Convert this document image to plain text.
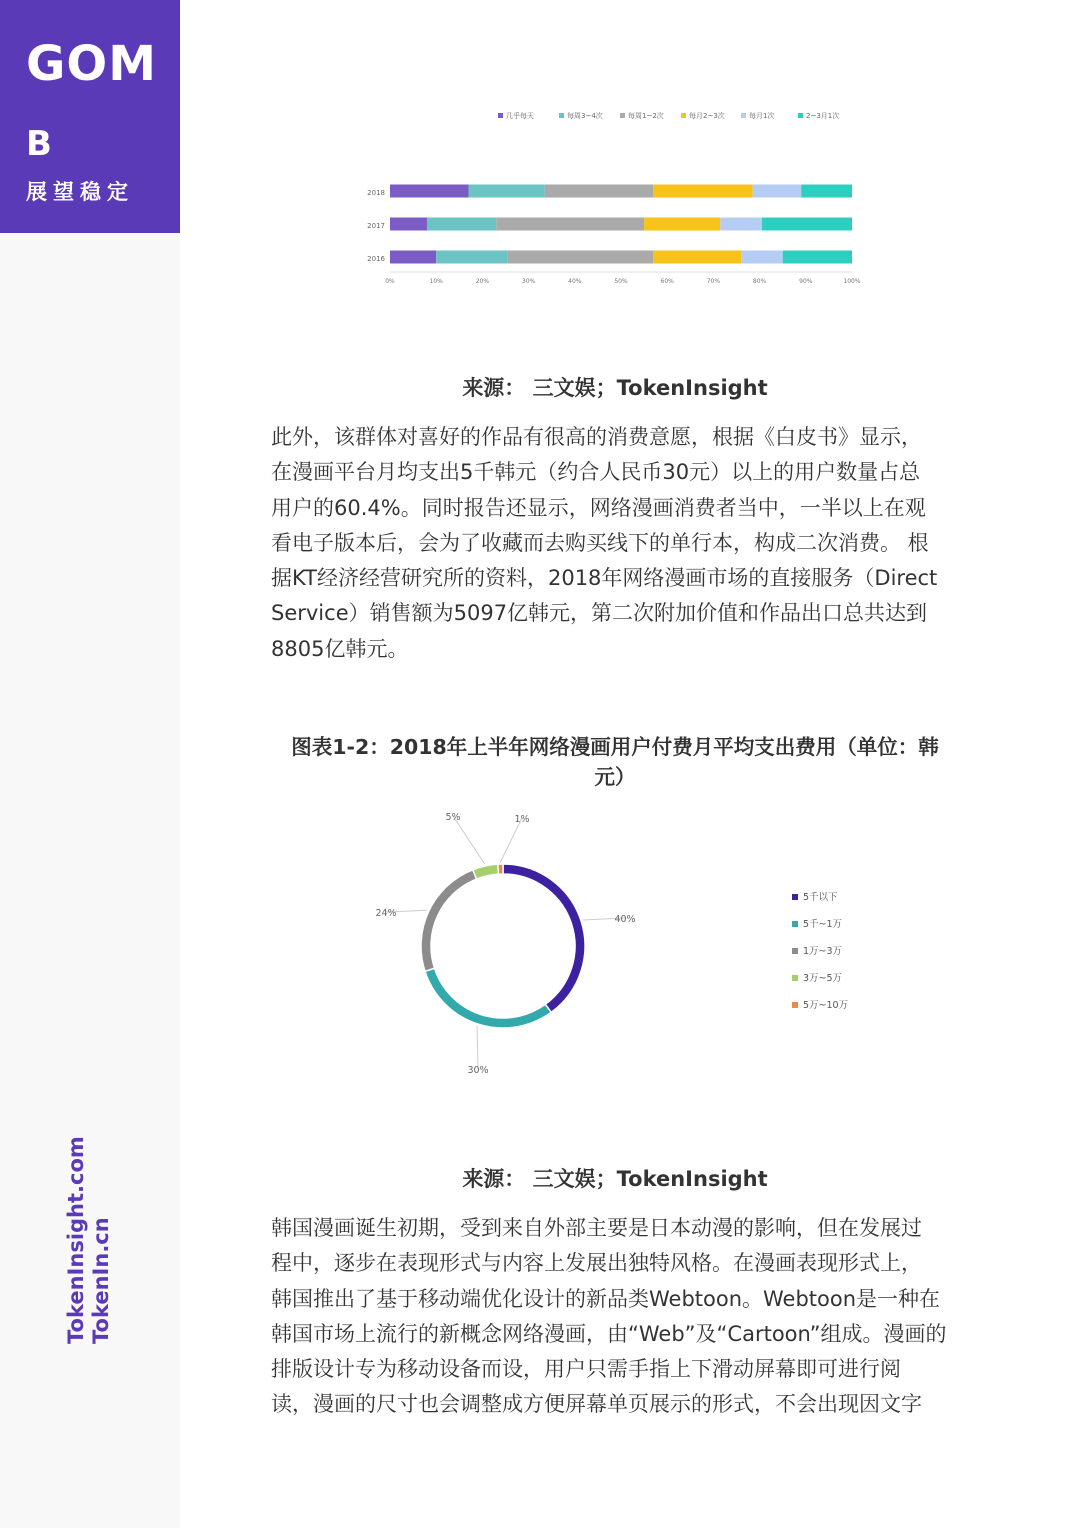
GOM
B
展望稳定
TokenInsight.com TokenIn.cn
几乎每天	每周3~4次	每周1~2次	每月2~3次	每月1次	2~3月1次
2018
2017
2016
0%	10%	20%	30%	40%	50%	60%	70%	80%	90%	100%
来源： 三文娱；TokenInsight
此外，该群体对喜好的作品有很高的消费意愿，根据《白皮书》显示，
在漫画平台月均支出5千韩元（约合人民币30元）以上的用户数量占总
用户的60.4%。同时报告还显示，网络漫画消费者当中，一半以上在观
看电子版本后，会为了收藏而去购买线下的单行本，构成二次消费。 根
据KT经济经营研究所的资料，2018年网络漫画市场的直接服务（Direct
Service）销售额为5097亿韩元，第二次附加价值和作品出口总共达到
8805亿韩元。
图表1-2：2018年上半年网络漫画用户付费月平均支出费用（单位：韩
元）
40%
30%
24%
5%	1%
5千以下
5千~1万
1万~3万
3万~5万
5万~10万
来源： 三文娱；TokenInsight
韩国漫画诞生初期，受到来自外部主要是日本动漫的影响，但在发展过
程中，逐步在表现形式与内容上发展出独特风格。在漫画表现形式上，
韩国推出了基于移动端优化设计的新品类Webtoon。Webtoon是一种在
韩国市场上流行的新概念网络漫画，由“Web”及“Cartoon”组成。漫画的
排版设计专为移动设备而设，用户只需手指上下滑动屏幕即可进行阅
读，漫画的尺寸也会调整成方便屏幕单页展示的形式，不会出现因文字
